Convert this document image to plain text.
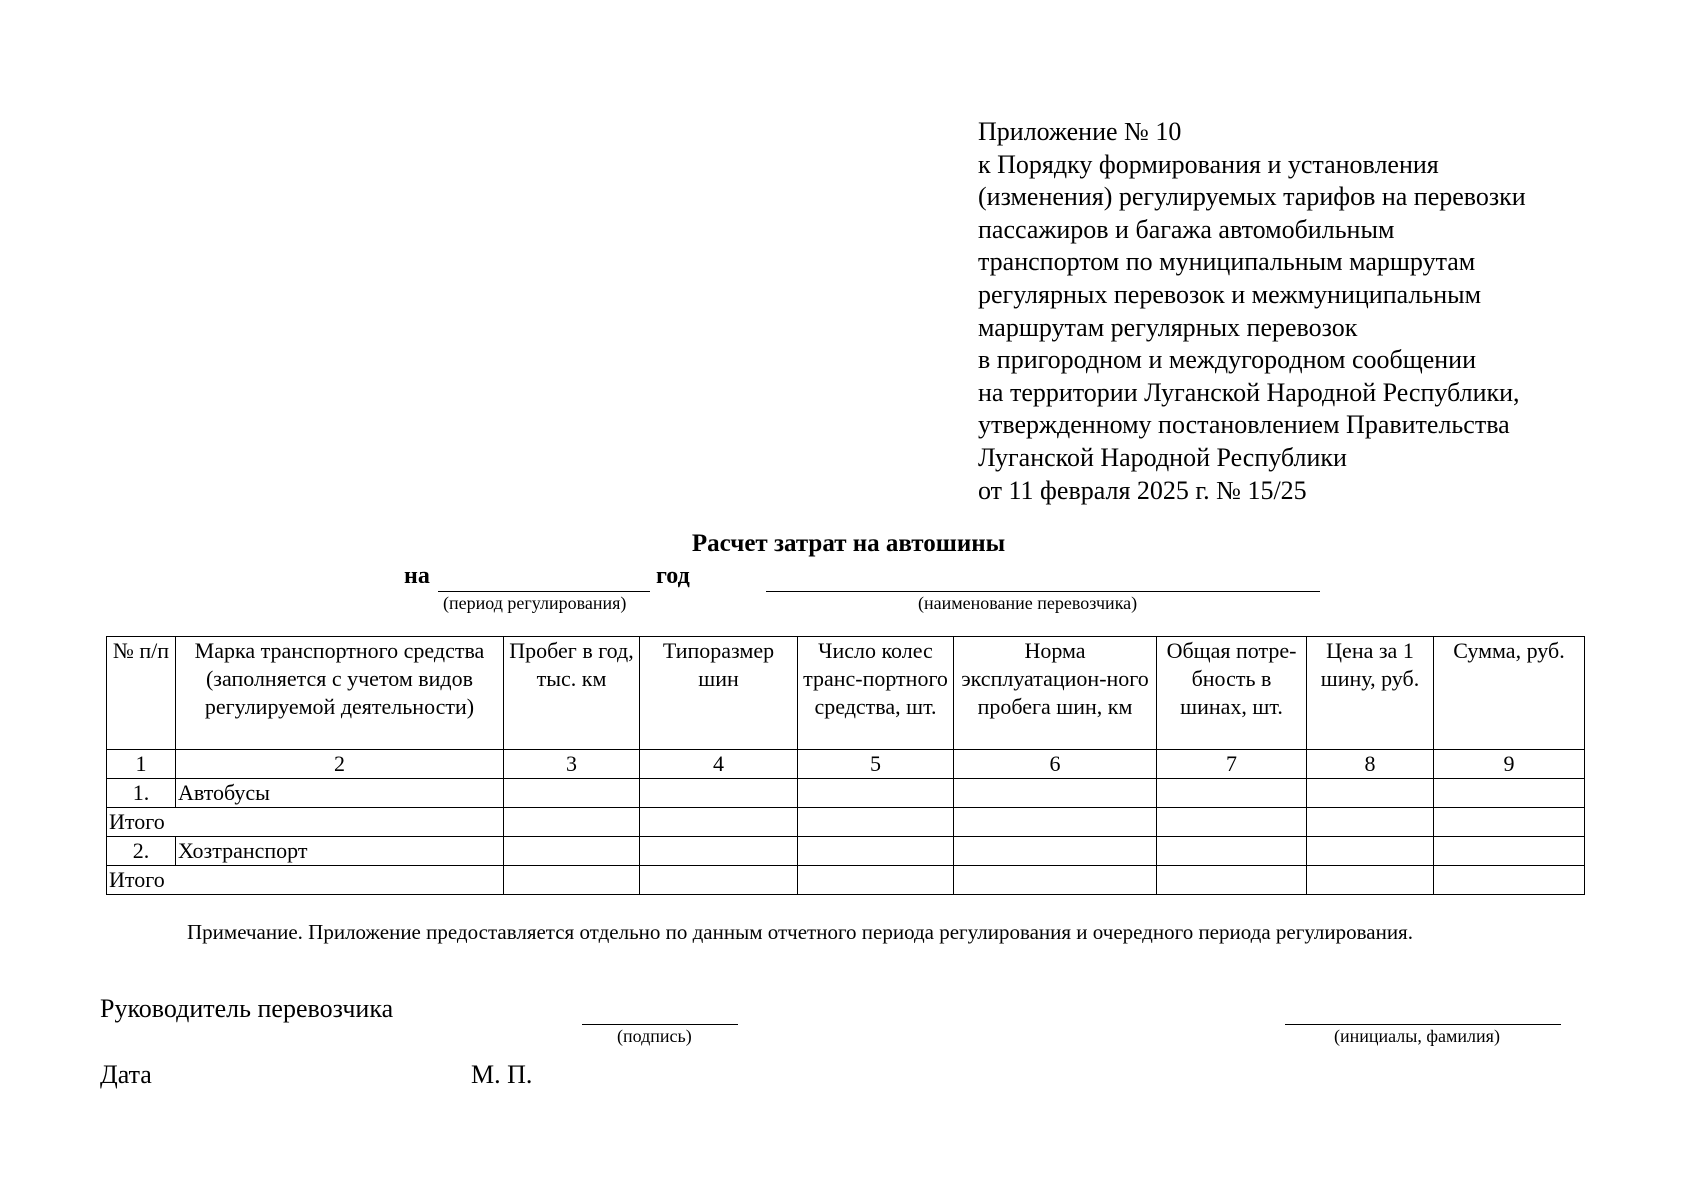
Приложение № 10
к Порядку формирования и установления
(изменения) регулируемых тарифов на перевозки
пассажиров и багажа автомобильным
транспортом по муниципальным маршрутам
регулярных перевозок и межмуниципальным
маршрутам регулярных перевозок
в пригородном и междугородном сообщении
на территории Луганской Народной Республики,
утвержденному постановлением Правительства
Луганской Народной Республики
от 11 февраля 2025 г. № 15/25
Расчет затрат на автошины
на	год
(период регулирования)	(наименование перевозчика)
№ п/п	Марка транспортного средства (заполняется с учетом видов регулируемой деятельности)	Пробег в год, тыс. км	Типоразмер шин	Число колес транс-портного средства, шт.	Норма эксплуатацион-ного пробега шин, км	Общая потре-бность в шинах, шт.	Цена за 1 шину, руб.	Сумма, руб.
1	2	3	4	5	6	7	8	9
1.	Автобусы							
Итого								
2.	Хозтранспорт							
Итого								
Примечание. Приложение предоставляется отдельно по данным отчетного периода регулирования и очередного периода регулирования.
Руководитель перевозчика
(подпись)	(инициалы, фамилия)
Дата	М. П.
